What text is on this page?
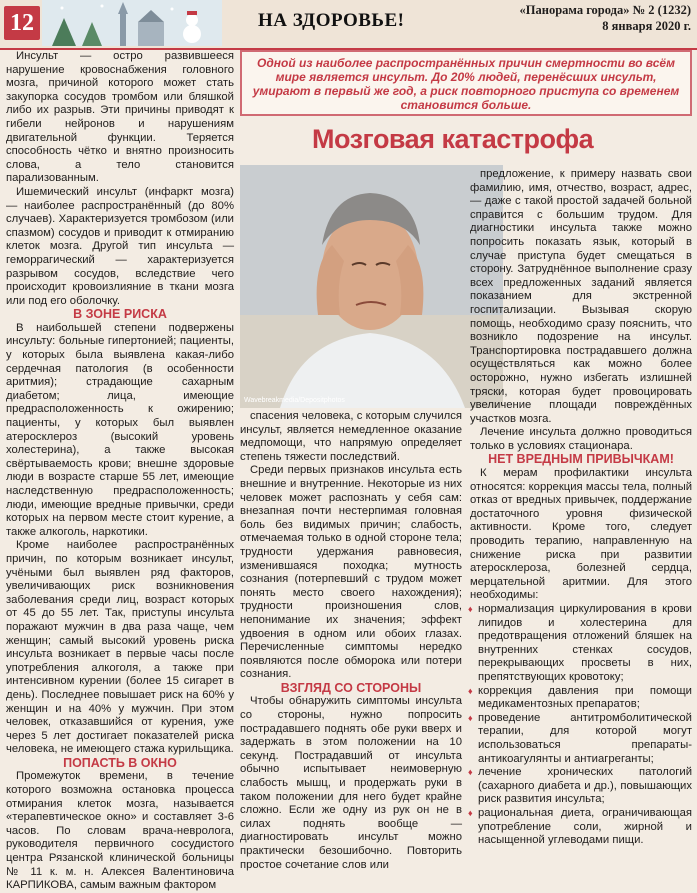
12	НА ЗДОРОВЬЕ!	«Панорама города» № 2 (1232)
8 января 2020 г.
Одной из наиболее распространённых причин смертности во всём мире является инсульт. До 20% людей, перенёсших инсульт, умирают в первый же год, а риск повторного приступа со временем становится больше.
Мозговая катастрофа
Wavebreakmedia/Depositphotos

Инсульт — остро развившееся нарушение кровоснабжения головного мозга, причиной которого может стать закупорка сосудов тромбом или бляшкой либо их разрыв. Эти причины приводят к гибели нейронов и нарушениям двигательной функции. Теряется способность чётко и внятно произносить слова, а тело становится парализованным.

Ишемический инсульт (инфаркт мозга) — наиболее распространённый (до 80% случаев). Характеризуется тромбозом (или спазмом) сосудов и приводит к отмиранию клеток мозга. Другой тип инсульта — геморрагический — характеризуется разрывом сосудов, вследствие чего происходит кровоизлияние в ткани мозга или под его оболочку.

В ЗОНЕ РИСКА

В наибольшей степени подвержены инсульту: больные гипертонией; пациенты, у которых была выявлена какая-либо сердечная патология (в особенности аритмия); страдающие сахарным диабетом; лица, имеющие предрасположенность к ожирению; пациенты, у которых был выявлен атеросклероз (высокий уровень холестерина), а также высокая свёртываемость крови; внешне здоровые люди в возрасте старше 55 лет, имеющие наследственную предрасположенность; люди, имеющие вредные привычки, среди которых на первом месте стоит курение, а также алкоголь, наркотики.

Кроме наиболее распространённых причин, по которым возникает инсульт, учёными был выявлен ряд факторов, увеличивающих риск возникновения заболевания среди лиц, возраст которых от 45 до 55 лет. Так, приступы инсульта поражают мужчин в два раза чаще, чем женщин; самый высокий уровень риска инсульта возникает в первые часы после употребления алкоголя, а также при интенсивном курении (более 15 сигарет в день). Последнее повышает риск на 60% у женщин и на 40% у мужчин. При этом человек, отказавшийся от курения, уже через 5 лет достигает показателей риска человека, не имеющего стажа курильщика.

ПОПАСТЬ В ОКНО

Промежуток времени, в течение которого возможна остановка процесса отмирания клеток мозга, называется «терапевтическое окно» и составляет 3-6 часов. По словам врача-невролога, руководителя первичного сосудистого центра Рязанской клинической больницы № 11 к. м. н. Алексея Валентиновича КАРПИКОВА, самым важным фактором

спасения человека, с которым случился инсульт, является немедленное оказание медпомощи, что напрямую определяет степень тяжести последствий.

Среди первых признаков инсульта есть внешние и внутренние. Некоторые из них человек может распознать у себя сам: внезапная почти нестерпимая головная боль без видимых причин; слабость, отмечаемая только в одной стороне тела; трудности удержания равновесия, изменившаяся походка; мутность сознания (потерпевший с трудом может понять место своего нахождения); трудности произношения слов, непонимание их значения; эффект удвоения в одном или обоих глазах. Перечисленные симптомы нередко появляются после обморока или потери сознания.

ВЗГЛЯД СО СТОРОНЫ

Чтобы обнаружить симптомы инсульта со стороны, нужно попросить пострадавшего поднять обе руки вверх и задержать в этом положении на 10 секунд. Пострадавший от инсульта обычно испытывает неимоверную слабость мышц, и продержать руки в таком положении для него будет крайне сложно. Если же одну из рук он не в силах поднять вообще — диагностировать инсульт можно практически безошибочно. Повторить простое сочетание слов или

предложение, к примеру назвать свои фамилию, имя, отчество, возраст, адрес, — даже с такой простой задачей больной справится с большим трудом. Для диагностики инсульта также можно попросить показать язык, который в случае приступа будет смещаться в сторону. Затруднённое выполнение сразу всех предложенных заданий является показанием для экстренной госпитализации. Вызывая скорую помощь, необходимо сразу пояснить, что возникло подозрение на инсульт. Транспортировка пострадавшего должна осуществляться как можно более осторожно, нужно избегать излишней тряски, которая будет провоцировать увеличение площади повреждённых участков мозга.

Лечение инсульта должно проводиться только в условиях стационара.

НЕТ ВРЕДНЫМ ПРИВЫЧКАМ!

К мерам профилактики инсульта относятся: коррекция массы тела, полный отказ от вредных привычек, поддержание достаточного уровня физической активности. Кроме того, следует проводить терапию, направленную на снижение риска при развитии атеросклероза, болезней сердца, мерцательной аритмии. Для этого необходимы:

♦ нормализация циркулирования в крови липидов и холестерина для предотвращения отложений бляшек на внутренних стенках сосудов, перекрывающих просветы в них, препятствующих кровотоку;
♦ коррекция давления при помощи медикаментозных препаратов;
♦ проведение антитромболитической терапии, для которой могут использоваться препараты-антикоагулянты и антиагреганты;
♦ лечение хронических патологий (сахарного диабета и др.), повышающих риск развития инсульта;
♦ рациональная диета, ограничивающая употребление соли, жирной и насыщенной углеводами пищи.
